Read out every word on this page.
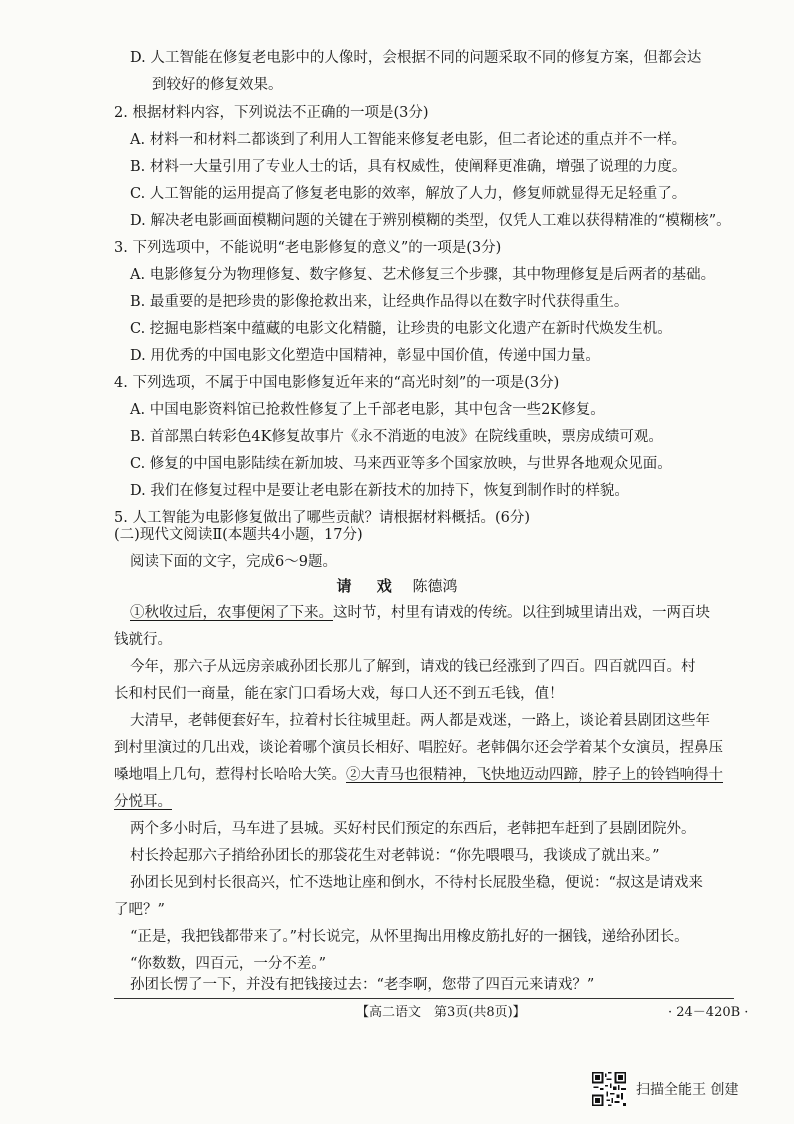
D. 人工智能在修复老电影中的人像时，会根据不同的问题采取不同的修复方案，但都会达
到较好的修复效果。
2. 根据材料内容，下列说法不正确的一项是(3分)
A. 材料一和材料二都谈到了利用人工智能来修复老电影，但二者论述的重点并不一样。
B. 材料一大量引用了专业人士的话，具有权威性，使阐释更准确，增强了说理的力度。
C. 人工智能的运用提高了修复老电影的效率，解放了人力，修复师就显得无足轻重了。
D. 解决老电影画面模糊问题的关键在于辨别模糊的类型，仅凭人工难以获得精准的“模糊核”。
3. 下列选项中，不能说明“老电影修复的意义”的一项是(3分)
A. 电影修复分为物理修复、数字修复、艺术修复三个步骤，其中物理修复是后两者的基础。
B. 最重要的是把珍贵的影像抢救出来，让经典作品得以在数字时代获得重生。
C. 挖掘电影档案中蕴藏的电影文化精髓，让珍贵的电影文化遗产在新时代焕发生机。
D. 用优秀的中国电影文化塑造中国精神，彰显中国价值，传递中国力量。
4. 下列选项，不属于中国电影修复近年来的“高光时刻”的一项是(3分)
A. 中国电影资料馆已抢救性修复了上千部老电影，其中包含一些2K修复。
B. 首部黑白转彩色4K修复故事片《永不消逝的电波》在院线重映，票房成绩可观。
C. 修复的中国电影陆续在新加坡、马来西亚等多个国家放映，与世界各地观众见面。
D. 我们在修复过程中是要让老电影在新技术的加持下，恢复到制作时的样貌。
5. 人工智能为电影修复做出了哪些贡献？请根据材料概括。(6分)
(二)现代文阅读Ⅱ(本题共4小题，17分)
阅读下面的文字，完成6～9题。
请 戏 陈德鸿
①秋收过后，农事便闲了下来。这时节，村里有请戏的传统。以往到城里请出戏，一两百块
钱就行。
今年，那六子从远房亲戚孙团长那儿了解到，请戏的钱已经涨到了四百。四百就四百。村
长和村民们一商量，能在家门口看场大戏，每口人还不到五毛钱，值！
大清早，老韩便套好车，拉着村长往城里赶。两人都是戏迷，一路上，谈论着县剧团这些年
到村里演过的几出戏，谈论着哪个演员长相好、唱腔好。老韩偶尔还会学着某个女演员，捏鼻压
嗓地唱上几句，惹得村长哈哈大笑。②大青马也很精神，飞快地迈动四蹄，脖子上的铃铛响得十
分悦耳。
两个多小时后，马车进了县城。买好村民们预定的东西后，老韩把车赶到了县剧团院外。
村长拎起那六子捎给孙团长的那袋花生对老韩说：“你先喂喂马，我谈成了就出来。”
孙团长见到村长很高兴，忙不迭地让座和倒水，不待村长屁股坐稳，便说：“叔这是请戏来
了吧？”
“正是，我把钱都带来了。”村长说完，从怀里掏出用橡皮筋扎好的一捆钱，递给孙团长。
“你数数，四百元，一分不差。”
孙团长愣了一下，并没有把钱接过去：“老李啊，您带了四百元来请戏？”
【高二语文　第3页(共8页)】	· 24－420B ·
扫描全能王 创建
